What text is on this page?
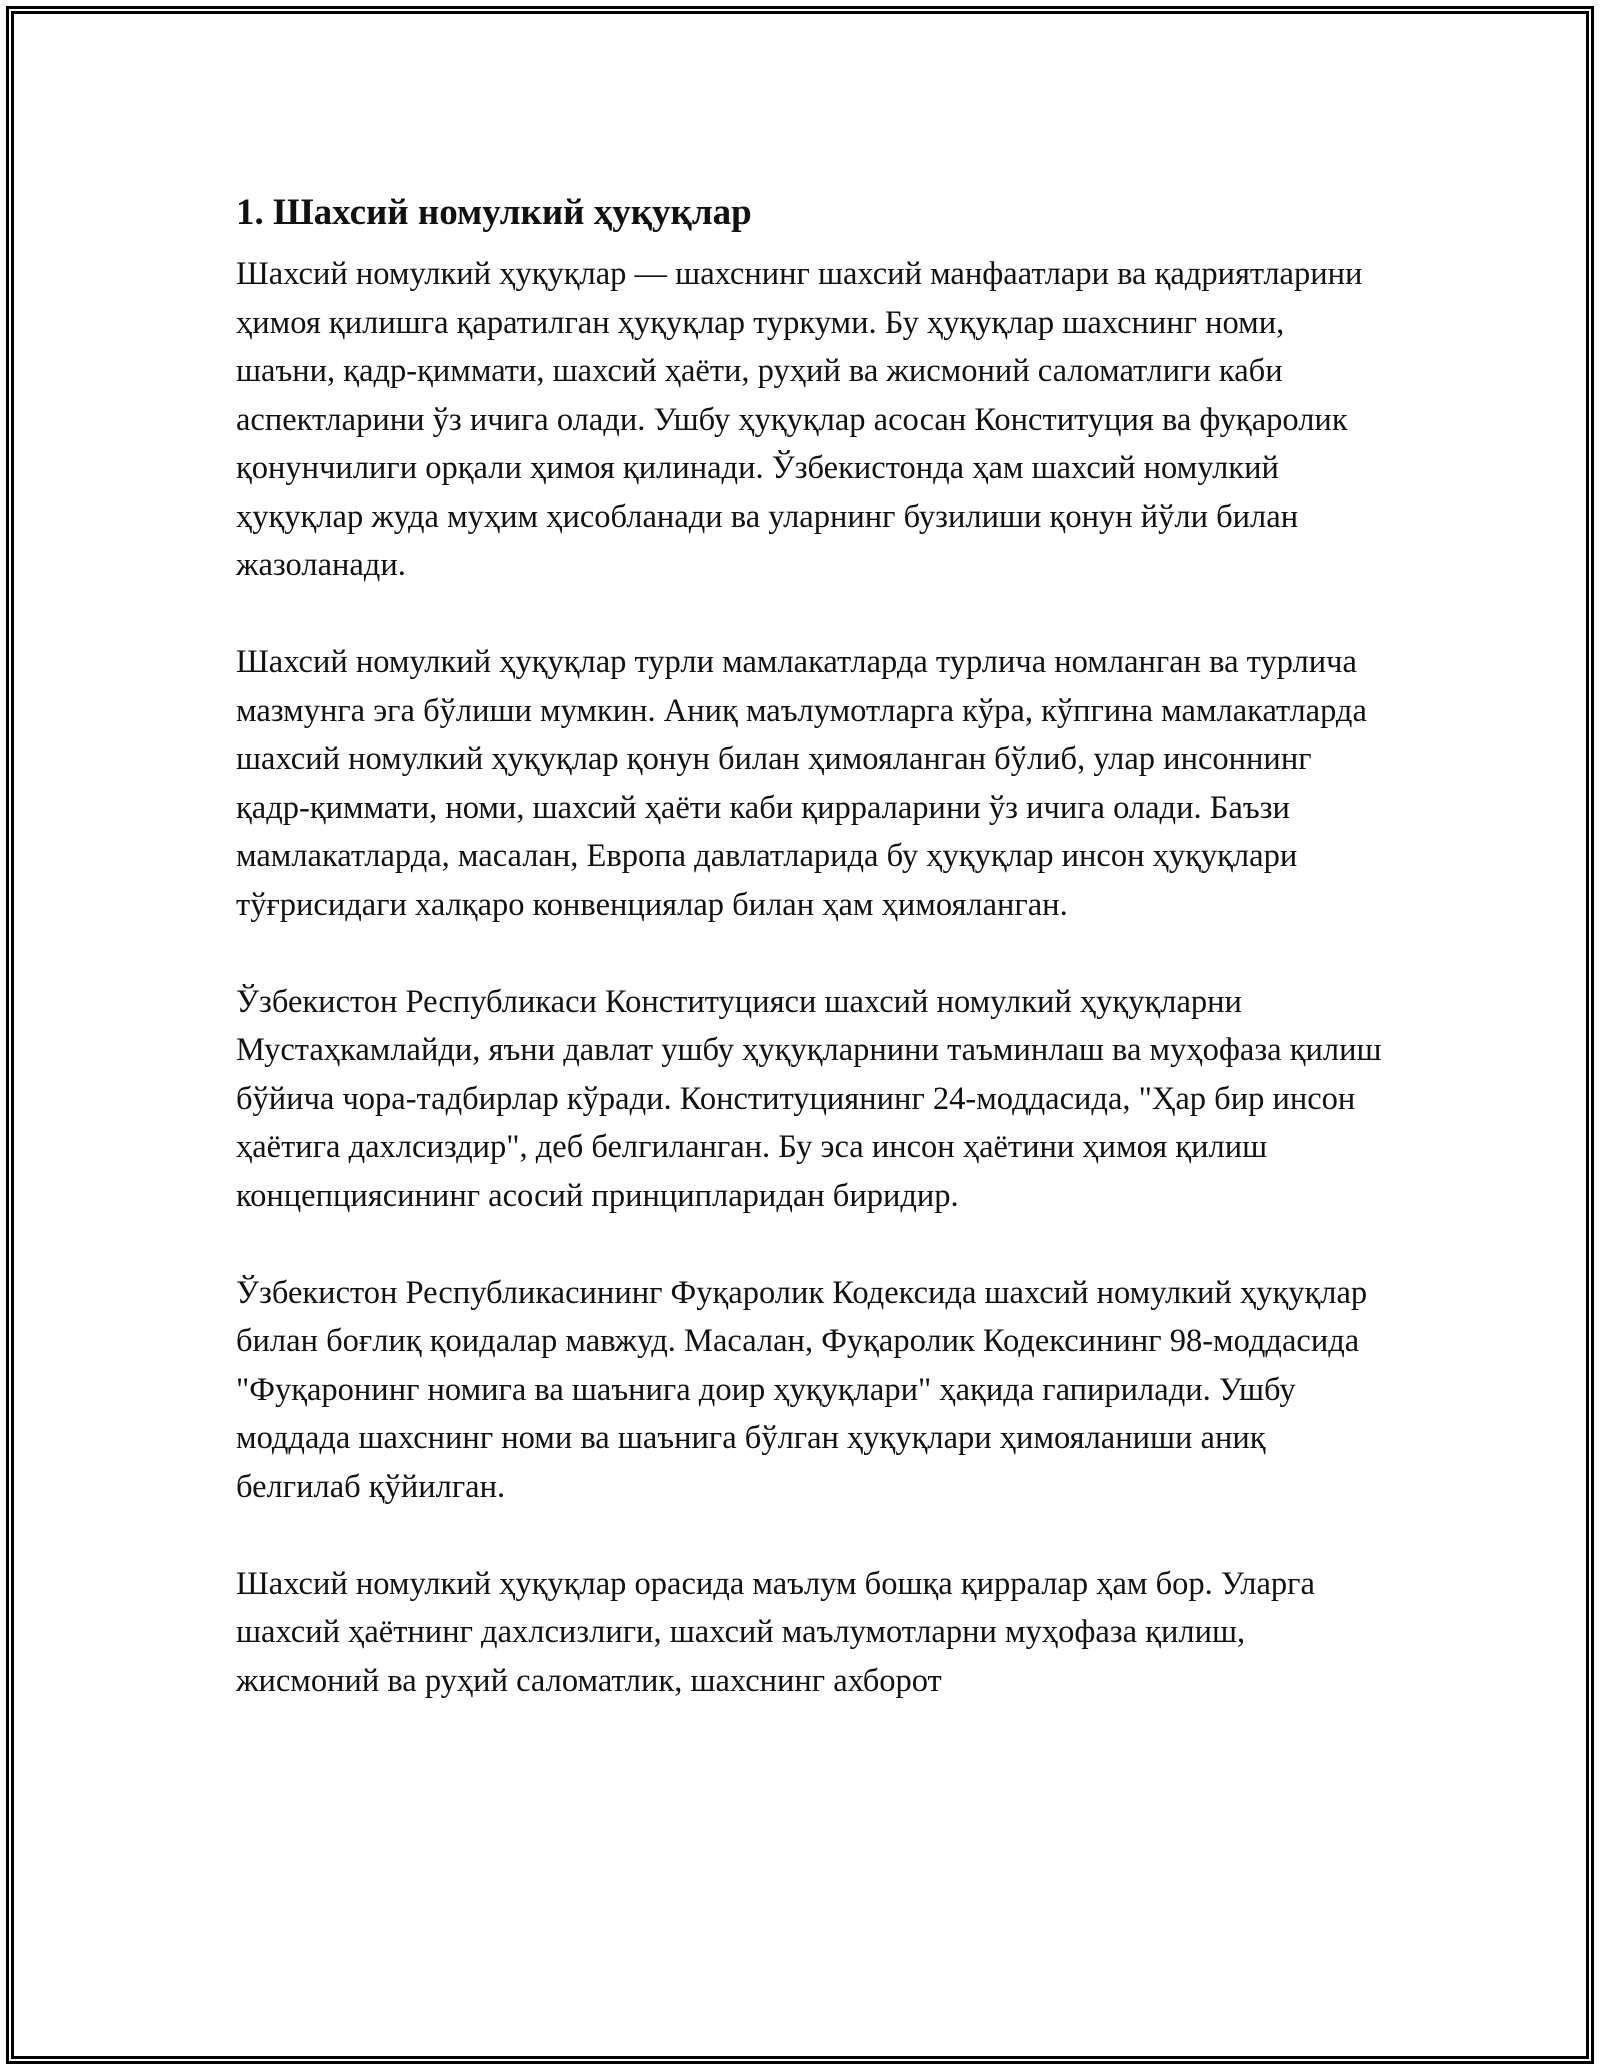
1. Шахсий номулкий ҳуқуқлар

Шахсий номулкий ҳуқуқлар — шахснинг шахсий манфаатлари ва қадриятларини ҳимоя қилишга қаратилган ҳуқуқлар туркуми. Бу ҳуқуқлар шахснинг номи, шаъни, қадр-қиммати, шахсий ҳаёти, руҳий ва жисмоний саломатлиги каби аспектларини ўз ичига олади. Ушбу ҳуқуқлар асосан Конституция ва фуқаролик қонунчилиги орқали ҳимоя қилинади. Ўзбекистонда ҳам шахсий номулкий ҳуқуқлар жуда муҳим ҳисобланади ва уларнинг бузилиши қонун йўли билан жазоланади.

Шахсий номулкий ҳуқуқлар турли мамлакатларда турлича номланган ва турлича мазмунга эга бўлиши мумкин. Аниқ маълумотларга кўра, кўпгина мамлакатларда шахсий номулкий ҳуқуқлар қонун билан ҳимояланган бўлиб, улар инсоннинг қадр-қиммати, номи, шахсий ҳаёти каби қирраларини ўз ичига олади. Баъзи мамлакатларда, масалан, Европа давлатларида бу ҳуқуқлар инсон ҳуқуқлари тўғрисидаги халқаро конвенциялар билан ҳам ҳимояланган.

Ўзбекистон Республикаси Конституцияси шахсий номулкий ҳуқуқларни Мустаҳкамлайди, яъни давлат ушбу ҳуқуқларнини таъминлаш ва муҳофаза қилиш бўйича чора-тадбирлар кўради. Конституциянинг 24-моддасида, "Ҳар бир инсон ҳаётига дахлсиздир", деб белгиланган. Бу эса инсон ҳаётини ҳимоя қилиш концепциясининг асосий принципларидан биридир.

Ўзбекистон Республикасининг Фуқаролик Кодексида шахсий номулкий ҳуқуқлар билан боғлиқ қоидалар мавжуд. Масалан, Фуқаролик Кодексининг 98-моддасида "Фуқаронинг номига ва шаънига доир ҳуқуқлари" ҳақида гапирилади. Ушбу моддада шахснинг номи ва шаънига бўлган ҳуқуқлари ҳимояланиши аниқ белгилаб қўйилган.

Шахсий номулкий ҳуқуқлар орасида маълум бошқа қирралар ҳам бор. Уларга шахсий ҳаётнинг дахлсизлиги, шахсий маълумотларни муҳофаза қилиш, жисмоний ва руҳий саломатлик, шахснинг ахборот
